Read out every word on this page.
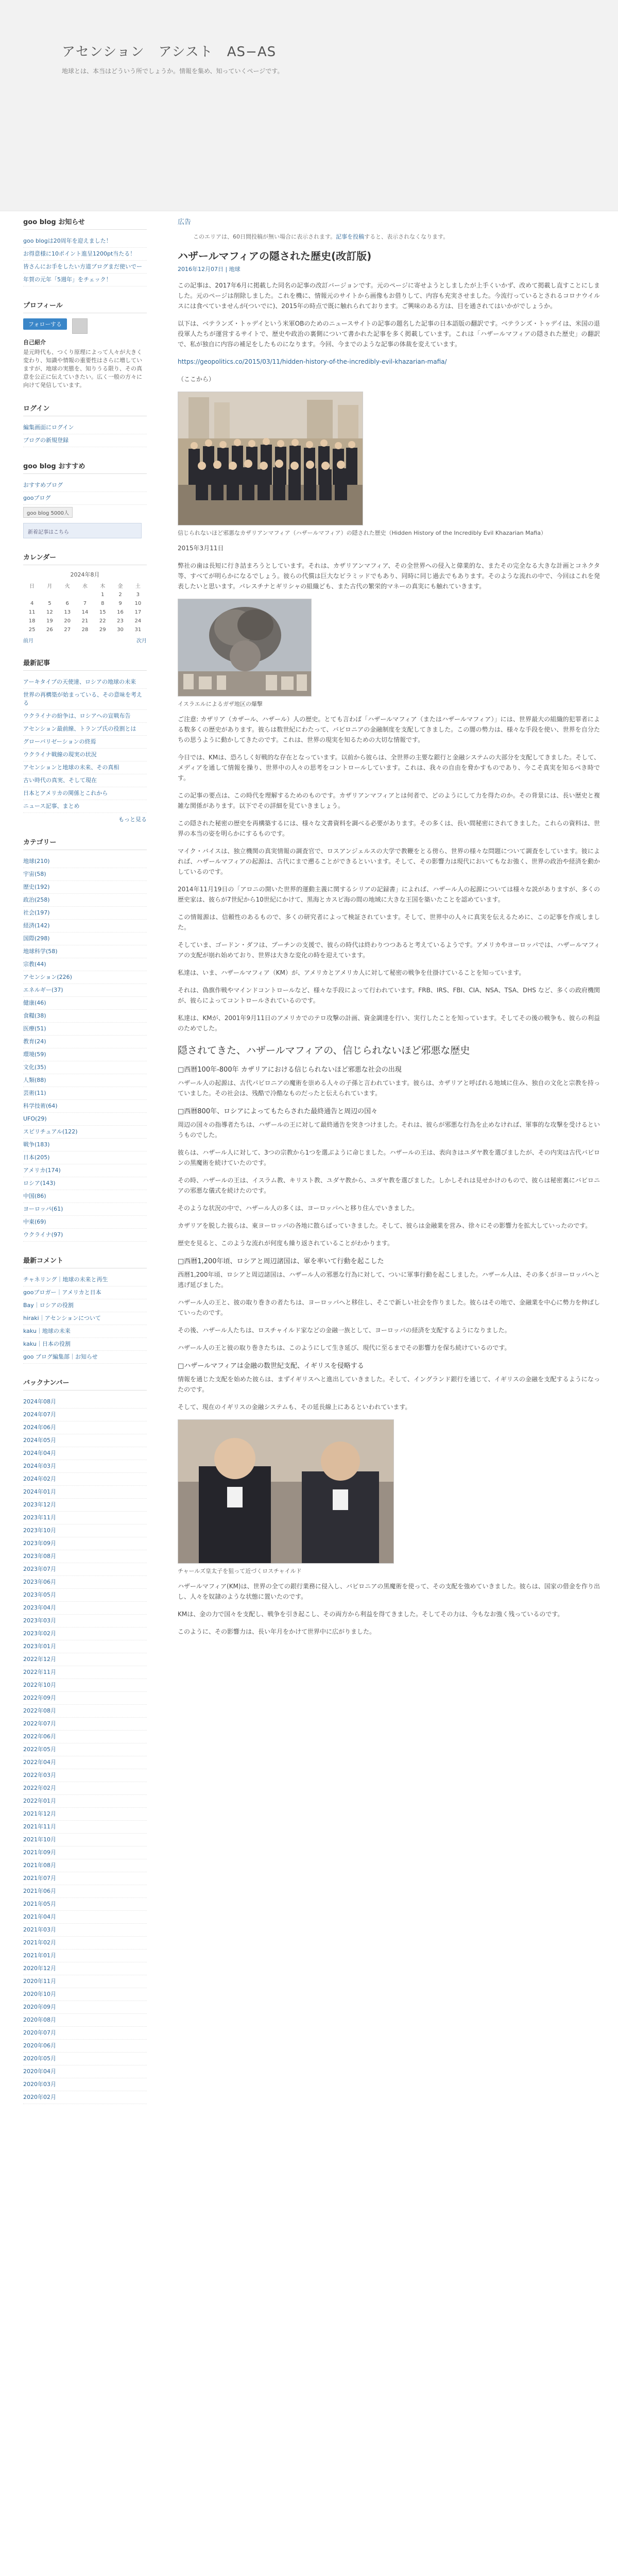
アセンション　アシスト　AS−AS
地球とは、本当はどういう所でしょうか。情報を集め、知っていくページです。
goo blog お知らせ
goo blogは20周年を迎えました！
お得意様に10ポイント進呈1200pt当たる！
皆さんにお手をしたい方道ブログまだ使いでー
年賀の元年「5週年」をチェック！
プロフィール
フォローする
自己紹介
是元時代も、つくり原理によって人々が大きく変わり、知識や情報の重要性はさらに増していますが、地球の実態を、知りうる限り、その真意を公正に伝えていきたい。広く一般の方々に向けて発信しています。
ログイン
編集画面にログイン
ブログの新規登録
goo blog おすすめ
おすすめブログ
gooブログ
goo blog 5000人
新着記事はこちら
カレンダー
2024年8月
日	月	火	水	木	金	土
				1	2	3
4	5	6	7	8	9	10
11	12	13	14	15	16	17
18	19	20	21	22	23	24
25	26	27	28	29	30	31
前月	次月
最新記事
アーキタイプの天使達、ロシアの地球の未来
世界の再構築が始まっている、その意味を考える
ウクライナの紛争は、ロシアへの宣戦布告
アセンション最前線、トランプ氏の役割とは
グローバリゼーションの終焉
ウクライナ戦線の現実の状況
アセンションと地球の未来、その真相
古い時代の真実、そして現在
日本とアメリカの関係とこれから
ニュース記事、まとめ
もっと見る
カテゴリー
地球(210)
宇宙(58)
歴史(192)
政治(258)
社会(197)
経済(142)
国際(298)
地球科学(58)
宗教(44)
アセンション(226)
エネルギー(37)
健康(46)
食糧(38)
医療(51)
教育(24)
環境(59)
文化(35)
人類(88)
芸術(11)
科学技術(64)
UFO(29)
スピリチュアル(122)
戦争(183)
日本(205)
アメリカ(174)
ロシア(143)
中国(86)
ヨーロッパ(61)
中東(69)
ウクライナ(97)
最新コメント
チャネリング｜地球の未来と再生
gooブロガー｜アメリカと日本
Bay｜ロシアの役割
hiraki｜アセンションについて
kaku｜地球の未来
kaku｜日本の役割
goo ブログ編集部｜お知らせ
バックナンバー
2024年08月
2024年07月
2024年06月
2024年05月
2024年04月
2024年03月
2024年02月
2024年01月
2023年12月
2023年11月
2023年10月
2023年09月
2023年08月
2023年07月
2023年06月
2023年05月
2023年04月
2023年03月
2023年02月
2023年01月
2022年12月
2022年11月
2022年10月
2022年09月
2022年08月
2022年07月
2022年06月
2022年05月
2022年04月
2022年03月
2022年02月
2022年01月
2021年12月
2021年11月
2021年10月
2021年09月
2021年08月
2021年07月
2021年06月
2021年05月
2021年04月
2021年03月
2021年02月
2021年01月
2020年12月
2020年11月
2020年10月
2020年09月
2020年08月
2020年07月
2020年06月
2020年05月
2020年04月
2020年03月
2020年02月
広告
このエリアは、60日間投稿が無い場合に表示されます。記事を投稿すると、表示されなくなります。
ハザールマフィアの隠された歴史(改訂版)
2016年12月07日 | 地球
この記事は、2017年6月に掲載した同名の記事の改訂バージョンです。元のページに寄せようとしましたが上手くいかず、改めて掲載し直すことにしました。元のページは削除しました。これを機に、情報元のサイトから画像もお借りして、内容も充実させました。今流行っているとされるコロナウイルスには食べていませんが(ついでに)、2015年の時点で既に触れられております。ご興味のある方は、目を通されてはいかがでしょうか。
以下は、ベテランズ・トゥデイという米軍OBのためのニュースサイトの記事の題名した記事の日本語版の翻訳です。ベテランズ・トゥデイは、米国の退役軍人たちが運営するサイトで、歴史や政治の裏側について書かれた記事を多く掲載しています。これは「ハザールマフィアの隠された歴史」の翻訳で、私が独自に内容の補足をしたものになります。今回、今までのような記事の体裁を変えています。
https://geopolitics.co/2015/03/11/hidden-history-of-the-incredibly-evil-khazarian-mafia/
（ここから）
信じられないほど邪悪なカザリアンマフィア（ハザールマフィア）の隠された歴史（Hidden History of the Incredibly Evil Khazarian Mafia）
2015年3月11日
弊社の歯は長短に行き詰まろうとしています。それは、カザリアンマフィア、その全世界への侵入と偉業的な、またその完全なる大きな計画とコネクタ等、すべてが明らかになるでしょう。彼らの代償は巨大なピラミッドでもあり、同時に同じ過去でもあります。そのような流れの中で、今回はこれを発表したいと思います。パレスチナとギリシャの組織ども、また古代の繁栄的マネーの真実にも触れていきます。
イスラエルによるガザ地区の爆撃
ご注意: カザリア（カザール、ハザール）人の歴史。とても言わば「ハザールマフィア（またはハザールマフィア）」には、世界最大の組織的犯罪者による数多くの歴史があります。彼らは数世紀にわたって、バビロニアの金融制度を支配してきました。この闇の勢力は、様々な手段を使い、世界を自分たちの思うように動かしてきたのです。これは、世界の現実を知るための大切な情報です。
今日では、KMは、恐ろしく好戦的な存在となっています。以前から彼らは、全世界の主要な銀行と金融システムの大部分を支配してきました。そして、メディアを通して情報を操り、世界中の人々の思考をコントロールしています。これは、我々の自由を脅かすものであり、今こそ真実を知るべき時です。
この記事の要点は、この時代を理解するためのものです。カザリアンマフィアとは何者で、どのようにして力を得たのか。その背景には、長い歴史と複雑な関係があります。以下でその詳細を見ていきましょう。
この隠された秘密の歴史を再構築するには、様々な文書資料を調べる必要があります。その多くは、長い間秘密にされてきました。これらの資料は、世界の本当の姿を明らかにするものです。
マイク・バイスは、独立機関の真実情報の調査官で、ロスアンジェルスの大学で教鞭をとる傍ら、世界の様々な問題について調査をしています。彼によれば、ハザールマフィアの起源は、古代にまで遡ることができるといいます。そして、その影響力は現代においてもなお強く、世界の政治や経済を動かしているのです。
2014年11月19日の「アロニの開いた世界的運動主義に関するシリアの記録書」によれば、ハザール人の起源については様々な説がありますが、多くの歴史家は、彼らが7世紀から10世紀にかけて、黒海とカスピ海の間の地域に大きな王国を築いたことを認めています。
この情報源は、信頼性のあるもので、多くの研究者によって検証されています。そして、世界中の人々に真実を伝えるために、この記事を作成しました。
そしていま、ゴードン・ダフは、プーチンの支援で、彼らの時代は終わりつつあると考えているようです。アメリカやヨーロッパでは、ハザールマフィアの支配が崩れ始めており、世界は大きな変化の時を迎えています。
私達は、いま、ハザールマフィア（KM）が、アメリカとアメリカ人に対して秘密の戦争を仕掛けていることを知っています。
それは、偽旗作戦やマインドコントロールなど、様々な手段によって行われています。FRB、IRS、FBI、CIA、NSA、TSA、DHS など、多くの政府機関が、彼らによってコントロールされているのです。
私達は、KMが、2001年9月11日のアメリカでのテロ攻撃の計画、資金調達を行い、実行したことを知っています。そしてその後の戦争も、彼らの利益のためでした。
隠されてきた、ハザールマフィアの、信じられないほど邪悪な歴史
□西暦100年-800年 カザリアにおける信じられないほど邪悪な社会の出現
ハザール人の起源は、古代パビロニアの魔術を崇める人々の子孫と言われています。彼らは、カザリアと呼ばれる地域に住み、独自の文化と宗教を持っていました。その社会は、残酷で冷酷なものだったと伝えられています。
□西暦800年、ロシアによってもたらされた最終通告と周辺の国々
周辺の国々の指導者たちは、ハザールの王に対して最終通告を突きつけました。それは、彼らが邪悪な行為を止めなければ、軍事的な攻撃を受けるというものでした。
彼らは、ハザール人に対して、3つの宗教から1つを選ぶように命じました。ハザールの王は、表向きはユダヤ教を選びましたが、その内実は古代バビロンの黒魔術を続けていたのです。
その時、ハザールの王は、イスラム教、キリスト教、ユダヤ教から、ユダヤ教を選びました。しかしそれは見せかけのもので、彼らは秘密裏にバビロニアの邪悪な儀式を続けたのです。
そのような状況の中で、ハザール人の多くは、ヨーロッパへと移り住んでいきました。
カザリアを脱した彼らは、東ヨーロッパの各地に散らばっていきました。そして、彼らは金融業を営み、徐々にその影響力を拡大していったのです。
歴史を見ると、このような流れが何度も繰り返されていることがわかります。
□西暦1,200年頃、ロシアと周辺諸国は、軍を率いて行動を起こした
西暦1,200年頃、ロシアと周辺諸国は、ハザール人の邪悪な行為に対して、ついに軍事行動を起こしました。ハザール人は、その多くがヨーロッパへと逃げ延びました。
ハザール人の王と、彼の取り巻きの者たちは、ヨーロッパへと移住し、そこで新しい社会を作りました。彼らはその地で、金融業を中心に勢力を伸ばしていったのです。
その後、ハザール人たちは、ロスチャイルド家などの金融一族として、ヨーロッパの経済を支配するようになりました。
ハザール人の王と彼の取り巻きたちは、このようにして生き延び、現代に至るまでその影響力を保ち続けているのです。
□ハザールマフィアは金融の数世紀支配、イギリスを侵略する
情報を通じた支配を始めた彼らは、まずイギリスへと進出していきました。そして、イングランド銀行を通じて、イギリスの金融を支配するようになったのです。
そして、現在のイギリスの金融システムも、その延長線上にあるといわれています。
チャールズ皇太子を狙って近づくロスチャイルド
ハザールマフィア(KM)は、世界の全ての銀行業務に侵入し、バビロニアの黒魔術を使って、その支配を強めていきました。彼らは、国家の借金を作り出し、人々を奴隷のような状態に置いたのです。
KMは、金の力で国々を支配し、戦争を引き起こし、その両方から利益を得てきました。そしてその力は、今もなお強く残っているのです。
このように、その影響力は、長い年月をかけて世界中に広がりました。
